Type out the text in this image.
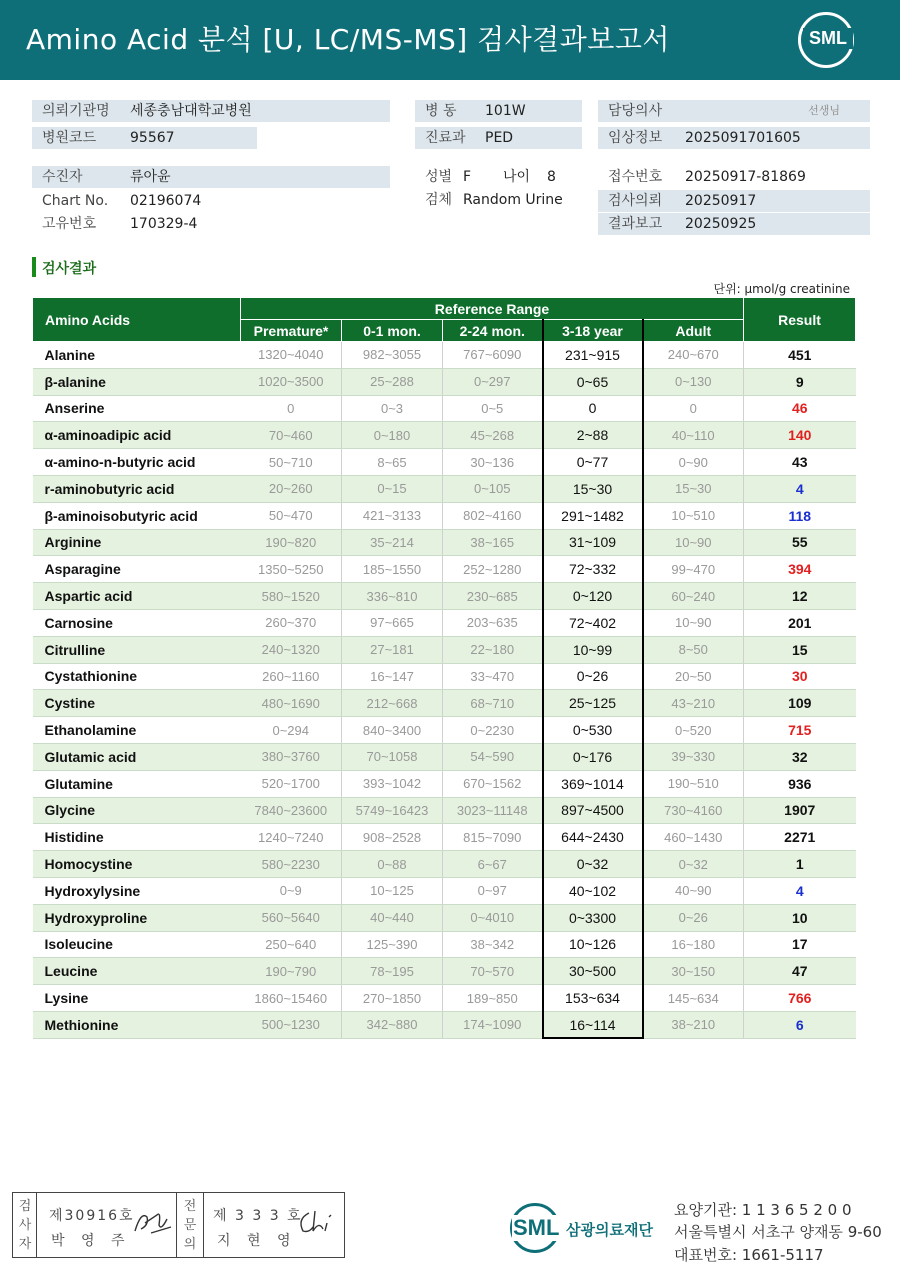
Amino Acid 분석 [U, LC/MS-MS] 검사결과보고서	SML
의뢰기관명 세종충남대학교병원
병원코드 95567
병 동 101W
진료과 PED
담당의사	선생님
임상정보 2025091701605
수진자	류아윤
Chart No. 02196074
고유번호 170329-4
성별 F 나이 8
검체 Random Urine
접수번호 20250917-81869
검사의뢰 20250917
결과보고 20250925
검사결과
단위: µmol/g creatinine
Amino Acids	Reference Range					Result
	Premature*	0-1 mon.	2-24 mon.	3-18 year	Adult	
Alanine	1320~4040	982~3055	767~6090	231~915	240~670	451
β-alanine	1020~3500	25~288	0~297	0~65	0~130	9
Anserine	0	0~3	0~5	0	0	46
α-aminoadipic acid	70~460	0~180	45~268	2~88	40~110	140
α-amino-n-butyric acid	50~710	8~65	30~136	0~77	0~90	43
r-aminobutyric acid	20~260	0~15	0~105	15~30	15~30	4
β-aminoisobutyric acid	50~470	421~3133	802~4160	291~1482	10~510	118
Arginine	190~820	35~214	38~165	31~109	10~90	55
Asparagine	1350~5250	185~1550	252~1280	72~332	99~470	394
Aspartic acid	580~1520	336~810	230~685	0~120	60~240	12
Carnosine	260~370	97~665	203~635	72~402	10~90	201
Citrulline	240~1320	27~181	22~180	10~99	8~50	15
Cystathionine	260~1160	16~147	33~470	0~26	20~50	30
Cystine	480~1690	212~668	68~710	25~125	43~210	109
Ethanolamine	0~294	840~3400	0~2230	0~530	0~520	715
Glutamic acid	380~3760	70~1058	54~590	0~176	39~330	32
Glutamine	520~1700	393~1042	670~1562	369~1014	190~510	936
Glycine	7840~23600	5749~16423	3023~11148	897~4500	730~4160	1907
Histidine	1240~7240	908~2528	815~7090	644~2430	460~1430	2271
Homocystine	580~2230	0~88	6~67	0~32	0~32	1
Hydroxylysine	0~9	10~125	0~97	40~102	40~90	4
Hydroxyproline	560~5640	40~440	0~4010	0~3300	0~26	10
Isoleucine	250~640	125~390	38~342	10~126	16~180	17
Leucine	190~790	78~195	70~570	30~500	30~150	47
Lysine	1860~15460	270~1850	189~850	153~634	145~634	766
Methionine	500~1230	342~880	174~1090	16~114	38~210	6
검
사
자
제30916호
박 영 주
전
문
의
제 3 3 3 호
지 현 영
SML 삼광의료재단
요양기관: 1 1 3 6 5 2 0 0
서울특별시 서초구 양재동 9-60
대표번호: 1661-5117
